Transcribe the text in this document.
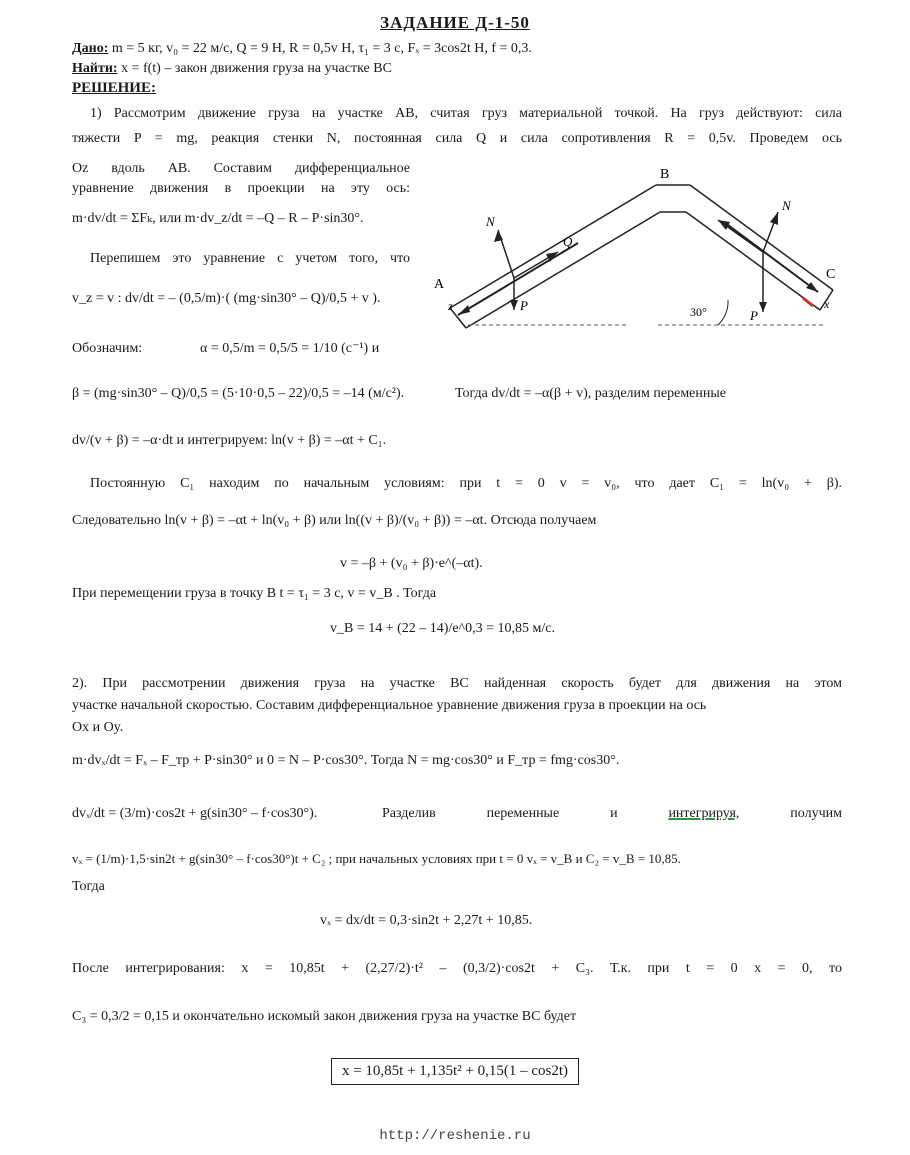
ЗАДАНИЕ Д-1-50
Дано: m = 5 кг, v₀ = 22 м/с, Q = 9 Н, R = 0,5v Н, τ₁ = 3 с, Fₓ = 3cos2t Н, f = 0,3.
Найти: x = f(t) – закон движения груза на участке ВС
РЕШЕНИЕ:
1) Рассмотрим движение груза на участке АВ, считая груз материальной точкой. На груз действуют: сила
тяжести P = mg, реакция стенки N, постоянная сила Q и сила сопротивления R = 0,5v. Проведем ось
Oz вдоль АВ. Составим дифференциальное
уравнение движения в проекции на эту ось:
m·dv/dt = ΣFₖ, или m·dv_z/dt = –Q – R – P·sin30°.
Перепишем это уравнение с учетом того, что
v_z = v : dv/dt = – (0,5/m)·( (mg·sin30° – Q)/0,5 + v ).
A
B
C
N
Q
P
N
P
x
z	30°
Обозначим:	α = 0,5/m = 0,5/5 = 1/10 (c⁻¹) и
β = (mg·sin30° – Q)/0,5 = (5·10·0,5 – 22)/0,5 = –14 (м/с²).	Тогда dv/dt = –α(β + v), разделим переменные
dv/(v + β) = –α·dt и интегрируем: ln(v + β) = –αt + C₁.
Постоянную C₁ находим по начальным условиям: при t = 0 v = v₀, что дает C₁ = ln(v₀ + β).
Следовательно ln(v + β) = –αt + ln(v₀ + β) или ln((v + β)/(v₀ + β)) = –αt. Отсюда получаем
v = –β + (v₀ + β)·e^(–αt).
При перемещении груза в точку В t = τ₁ = 3 с, v = v_B . Тогда
v_B = 14 + (22 – 14)/e^0,3 = 10,85 м/с.
2). При рассмотрении движения груза на участке ВС найденная скорость будет для движения на этом
участке начальной скоростью. Составим дифференциальное уравнение движения груза в проекции на ось
Ox и Oy.
m·dvₓ/dt = Fₓ – F_тр + P·sin30° и 0 = N – P·cos30°. Тогда N = mg·cos30° и F_тр = fmg·cos30°.
dvₓ/dt = (3/m)·cos2t + g(sin30° – f·cos30°).	Разделив	переменные	и	интегрируя,	получим
vₓ = (1/m)·1,5·sin2t + g(sin30° – f·cos30°)t + C₂ ; при начальных условиях при t = 0 vₓ = v_B и C₂ = v_B = 10,85.
Тогда
vₓ = dx/dt = 0,3·sin2t + 2,27t + 10,85.
После интегрирования: x = 10,85t + (2,27/2)·t² – (0,3/2)·cos2t + C₃. Т.к. при t = 0 x = 0, то
C₃ = 0,3/2 = 0,15 и окончательно искомый закон движения груза на участке ВС будет
x = 10,85t + 1,135t² + 0,15(1 – cos2t)
http://reshenie.ru
